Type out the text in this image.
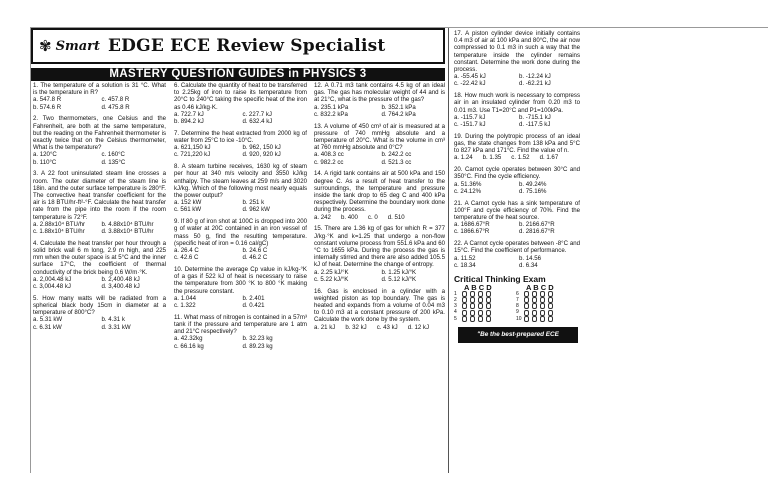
✾ Smart EDGE ECE Review Specialist
MASTERY QUESTION GUIDES in PHYSICS 3
1. The temperature of a solution is 31 °C. What is the temperature in R?
a. 547.8 R	c. 457.8 R
b. 574.6 R	d. 475.8 R
2. Two thermometers, one Celsius and the Fahrenheit, are both at the same temperature, but the reading on the Fahrenheit thermometer is exactly twice that on the Celsius thermometer, What is the temperature?
a. 120°C	c. 160°C
b. 110°C	d. 135°C
3. A 22 foot uninsulated steam line crosses a room. The outer diameter of the steam line is 18in. and the outer surface temperature is 280°F. The convective heat transfer coefficient for the air is 18 BTU/hr-ft²-°F. Calculate the heat transfer rate from the pipe into the room if the room temperature is 72°F.
a. 2.88x10⁴ BTU/hr	b. 4.88x10⁴ BTU/hr
c. 1.88x10⁴ BTU/hr	d. 3.88x10⁴ BTU/hr
4. Calculate the heat transfer per hour through a solid brick wall 6 m long, 2.9 m high, and 225 mm when the outer space is at 5°C and the inner surface 17°C, the coefficient of thermal conductivity of the brick being 0.6 W/m·°K.
a. 2,004.48 kJ	b. 2,400.48 kJ
c. 3,004.48 kJ	d. 3,400.48 kJ
5. How many watts will be radiated from a spherical black body 15cm in diameter at a temperature of 800°C?
a. 5.31 kW	b. 4.31 k
c. 6.31 kW	d. 3.31 kW
6. Calculate the quantity of heat to be transferred to 2.25kg of iron to raise its temperature from 20°C to 240°C taking the specific heat of the iron as 0.46 kJ/kg·K.
a. 722.7 kJ	c. 227.7 kJ
b. 894.2 kJ	d. 632.4 kJ
7. Determine the heat extracted from 2000 kg of water from 25°C to ice -10°C.
a. 621,150 kJ	b. 962, 150 kJ
c. 721,220 kJ	d. 920, 920 kJ
8. A steam turbine receives, 1630 kg of steam per hour at 340 m/s velocity and 3550 kJ/kg enthalpy. The steam leaves at 259 m/s and 3020 kJ/kg. Which of the following most nearly equals the power output?
a. 152 kW	b. 251 k
c. 561 kW	d. 962 kW
9. If 80 g of iron shot at 100C is dropped into 200 g of water at 20C contained in an iron vessel of mass 50 g, find the resulting temperature. (specific heat of iron = 0.16 cal/gC)
a. 26.4 C	b. 24.6 C
c. 42.6 C	d. 46.2 C
10. Determine the average Cp value in kJ/kg-°K of a gas if 522 kJ of heat is necessary to raise the temperature from 300 °K to 800 °K making the pressure constant.
a. 1.044	b. 2.401
c. 1.322	d. 0.421
11. What mass of nitrogen is contained in a 57m³ tank if the pressure and temperature are 1 atm and 21°C respectively?
a. 42.32kg	b. 32.23 kg
c. 66.16 kg	d. 89.23 kg
12. A 0.71 m3 tank contains 4.5 kg of an ideal gas. The gas has molecular weight of 44 and is at 21°C, what is the pressure of the gas?
a. 235.1 kPa	b. 352.1 kPa
c. 832.2 kPa	d. 764.2 kPa
13. A volume of 450 cm³ of air is measured at a pressure of 740 mmHg absolute and a temperature of 20°C. What is the volume in cm³ at 760 mmHg absolute and 0°C?
a. 408.3 cc	b. 242.2 cc
c. 982.2 cc	d. 521.3 cc
14. A rigid tank contains air at 500 kPa and 150 degree C. As a result of heat transfer to the surroundings, the temperature and pressure inside the tank drop to 65 deg C and 400 kPa respectively. Determine the boundary work done during the process.
a. 242 b. 400 c. 0 d. 510
15. There are 1.36 kg of gas for which R = 377 J/kg·°K and k=1.25 that undergo a non-flow constant volume process from 551.6 kPa and 60 °C to 1655 kPa. During the process the gas is internally stirred and there are also added 105.5 kJ of heat. Determine the change of entropy.
a. 2.25 kJ/°K	b. 1.25 kJ/°K
c. 5.22 kJ/°K	d. 5.12 kJ/°K
16. Gas is enclosed in a cylinder with a weighted piston as top boundary. The gas is heated and expands from a volume of 0.04 m3 to 0.10 m3 at a constant pressure of 200 kPa. Calculate the work done by the system.
a. 21 kJ b. 32 kJ c. 43 kJ d. 12 kJ
17. A piston cylinder device initially contains 0.4 m3 of air at 100 kPa and 80°C, the air now compressed to 0.1 m3 in such a way that the temperature inside the cylinder remains constant. Determine the work done during the process.
a. -55.45 kJ	b. -12.24 kJ
c. -22.42 kJ	d. -62.21 kJ
18. How much work is necessary to compress air in an insulated cylinder from 0.20 m3 to 0.01 m3. Use T1=20°C and P1=100kPa.
a. -115.7 kJ	b. -715.1 kJ
c. -151.7 kJ	d. -117.5 kJ
19. During the polytropic process of an ideal gas, the state changes from 138 kPa and 5°C to 827 kPa and 171°C. Find the value of n.
a. 1.24 b. 1.35 c. 1.52 d. 1.67
20. Carnot cycle operates between 30°C and 350°C. Find the cycle efficiency.
a. 51.36%	b. 49.24%
c. 24.12%	d. 75.16%
21. A Carnot cycle has a sink temperature of 100°F and cycle efficiency of 70%. Find the temperature of the heat source.
a. 1686.67°R	b. 2166.67°R
c. 1866.67°R	d. 2816.67°R
22. A Carnot cycle operates between -8°C and 15°C. Find the coefficient of performance.
a. 11.52	b. 14.56
c. 18.34	d. 6.34
Critical Thinking Exam
A B C D	A B C D
1	6
2	7
3	8
4	9
5	10
"Be the best-prepared ECE Examinee."
